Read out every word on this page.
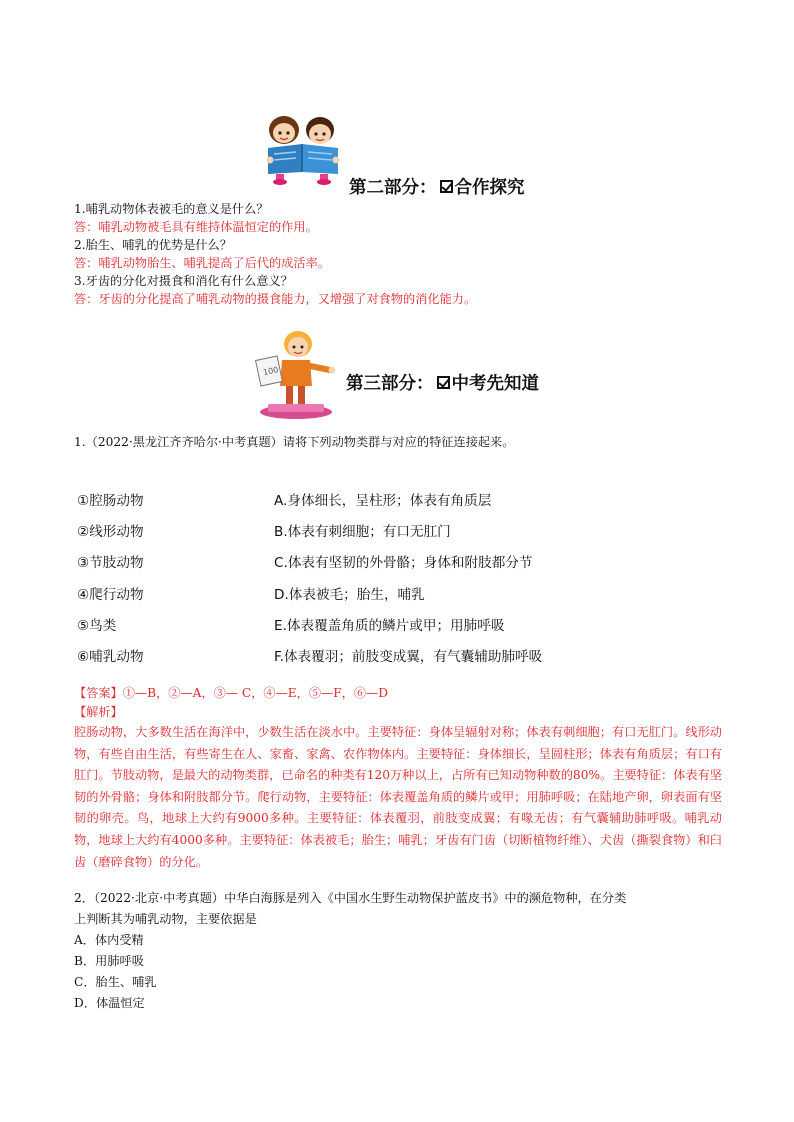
第二部分： 合作探究
1.哺乳动物体表被毛的意义是什么？
答：哺乳动物被毛具有维持体温恒定的作用。
2.胎生、哺乳的优势是什么？
答：哺乳动物胎生、哺乳提高了后代的成活率。
3.牙齿的分化对摄食和消化有什么意义？
答：牙齿的分化提高了哺乳动物的摄食能力，又增强了对食物的消化能力。
100
第三部分： 中考先知道
1.（2022·黑龙江齐齐哈尔·中考真题）请将下列动物类群与对应的特征连接起来。
①腔肠动物
②线形动物
③节肢动物
④爬行动物
⑤鸟类
⑥哺乳动物
A.身体细长，呈柱形；体表有角质层
B.体表有刺细胞；有口无肛门
C.体表有坚韧的外骨骼；身体和附肢都分节
D.体表被毛；胎生，哺乳
E.体表覆盖角质的鳞片或甲；用肺呼吸
F.体表覆羽；前肢变成翼，有气囊辅助肺呼吸
【答案】①—B，②—A，③— C，④—E，⑤—F，⑥—D
【解析】
腔肠动物，大多数生活在海洋中，少数生活在淡水中。主要特征：身体呈辐射对称；体表有刺细胞；有口无肛门。线形动物，有些自由生活，有些寄生在人、家畜、家禽、农作物体内。主要特征：身体细长，呈圆柱形；体表有角质层；有口有肛门。节肢动物，是最大的动物类群，已命名的种类有120万种以上，占所有已知动物种数的80%。主要特征：体表有坚韧的外骨骼；身体和附肢都分节。爬行动物，主要特征：体表覆盖角质的鳞片或甲；用肺呼吸；在陆地产卵，卵表面有坚韧的卵壳。鸟，地球上大约有9000多种。主要特征：体表覆羽，前肢变成翼；有喙无齿；有气囊辅助肺呼吸。哺乳动物，地球上大约有4000多种。主要特征：体表被毛；胎生；哺乳；牙齿有门齿（切断植物纤维）、犬齿（撕裂食物）和臼齿（磨碎食物）的分化。
2．（2022·北京·中考真题）中华白海豚是列入《中国水生野生动物保护蓝皮书》中的濒危物种，在分类
上判断其为哺乳动物，主要依据是
A．体内受精
B．用肺呼吸
C．胎生、哺乳
D．体温恒定
